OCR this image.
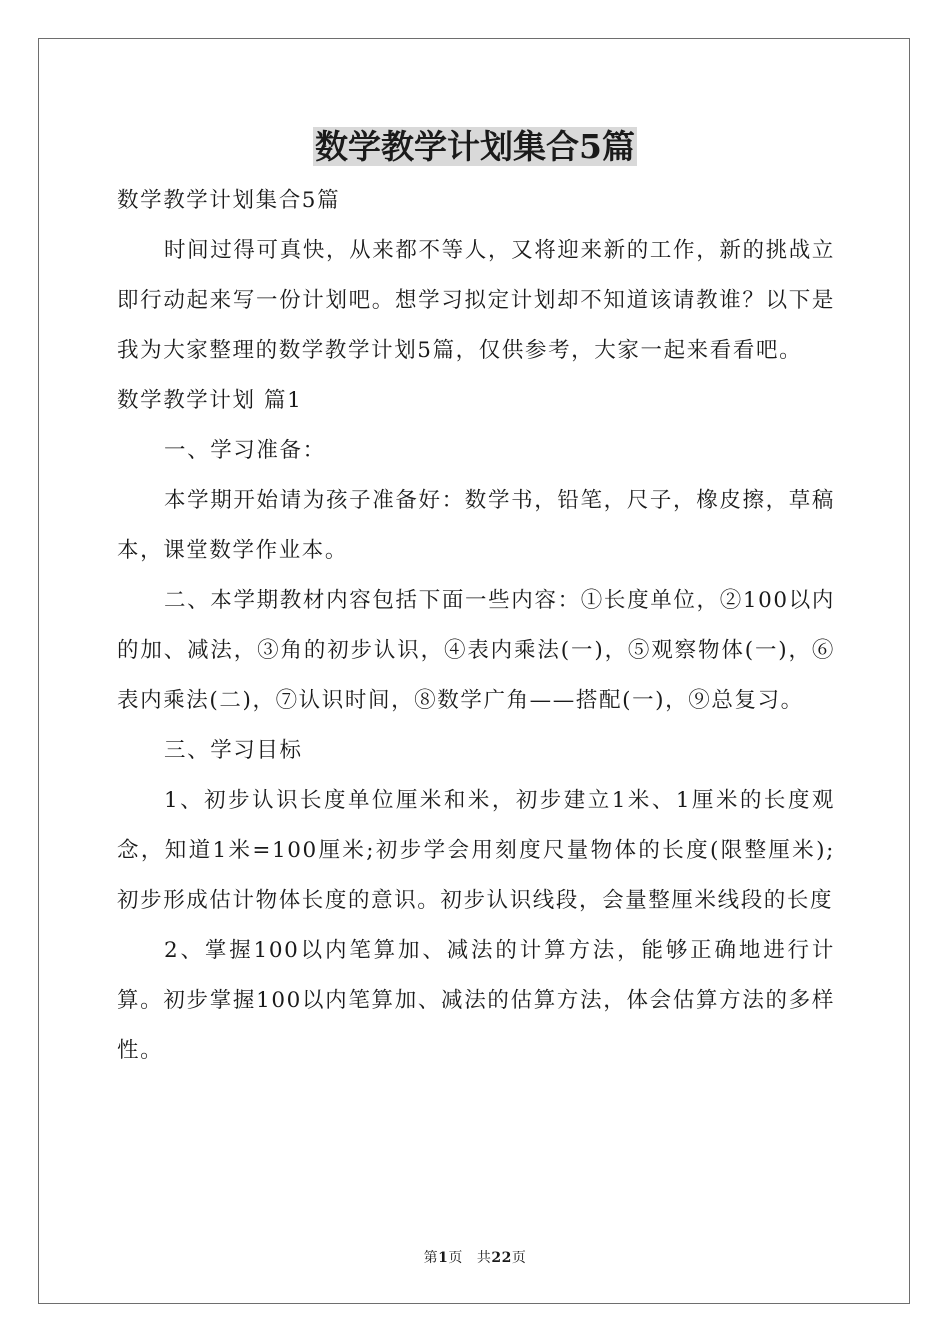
数学教学计划集合5篇

数学教学计划集合5篇

时间过得可真快，从来都不等人，又将迎来新的工作，新的挑战立即行动起来写一份计划吧。想学习拟定计划却不知道该请教谁？以下是我为大家整理的数学教学计划5篇，仅供参考，大家一起来看看吧。

数学教学计划 篇1

一、学习准备：

本学期开始请为孩子准备好：数学书，铅笔，尺子，橡皮擦，草稿本，课堂数学作业本。

二、本学期教材内容包括下面一些内容：①长度单位，②100以内的加、减法，③角的初步认识，④表内乘法(一)，⑤观察物体(一)，⑥表内乘法(二)，⑦认识时间，⑧数学广角——搭配(一)，⑨总复习。

三、学习目标

1、初步认识长度单位厘米和米，初步建立1米、1厘米的长度观念，知道1米=100厘米;初步学会用刻度尺量物体的长度(限整厘米);初步形成估计物体长度的意识。初步认识线段，会量整厘米线段的长度

2、掌握100以内笔算加、减法的计算方法，能够正确地进行计算。初步掌握100以内笔算加、减法的估算方法，体会估算方法的多样性。

第1页 共22页
